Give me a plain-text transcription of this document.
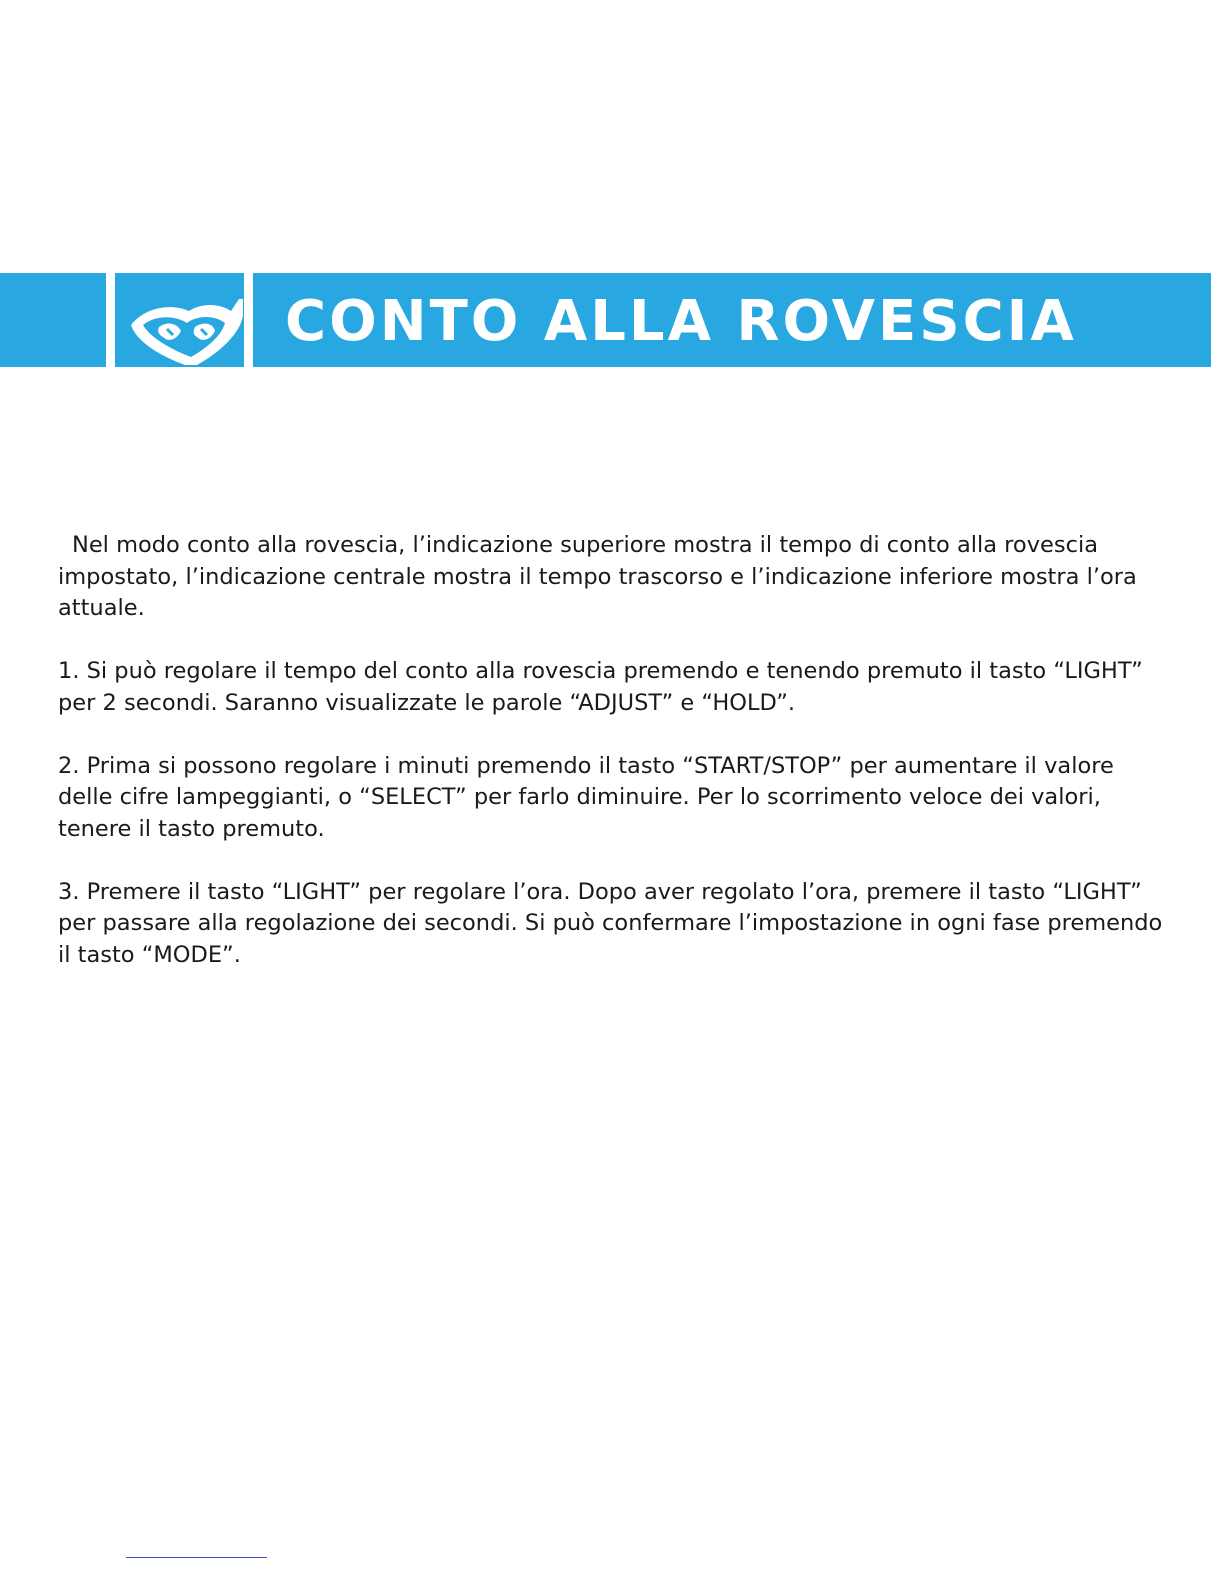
CONTO ALLA ROVESCIA

Nel modo conto alla rovescia, l’indicazione superiore mostra il tempo di conto alla rovescia impostato, l’indicazione centrale mostra il tempo trascorso e l’indicazione inferiore mostra l’ora attuale.

1. Si può regolare il tempo del conto alla rovescia premendo e tenendo premuto il tasto “LIGHT” per 2 secondi. Saranno visualizzate le parole “ADJUST” e “HOLD”.

2. Prima si possono regolare i minuti premendo il tasto “START/STOP” per aumentare il valore delle cifre lampeggianti, o “SELECT” per farlo diminuire. Per lo scorrimento veloce dei valori, tenere il tasto premuto.

3. Premere il tasto “LIGHT” per regolare l’ora. Dopo aver regolato l’ora, premere il tasto “LIGHT” per passare alla regolazione dei secondi. Si può confermare l’impostazione in ogni fase premendo il tasto “MODE”.
